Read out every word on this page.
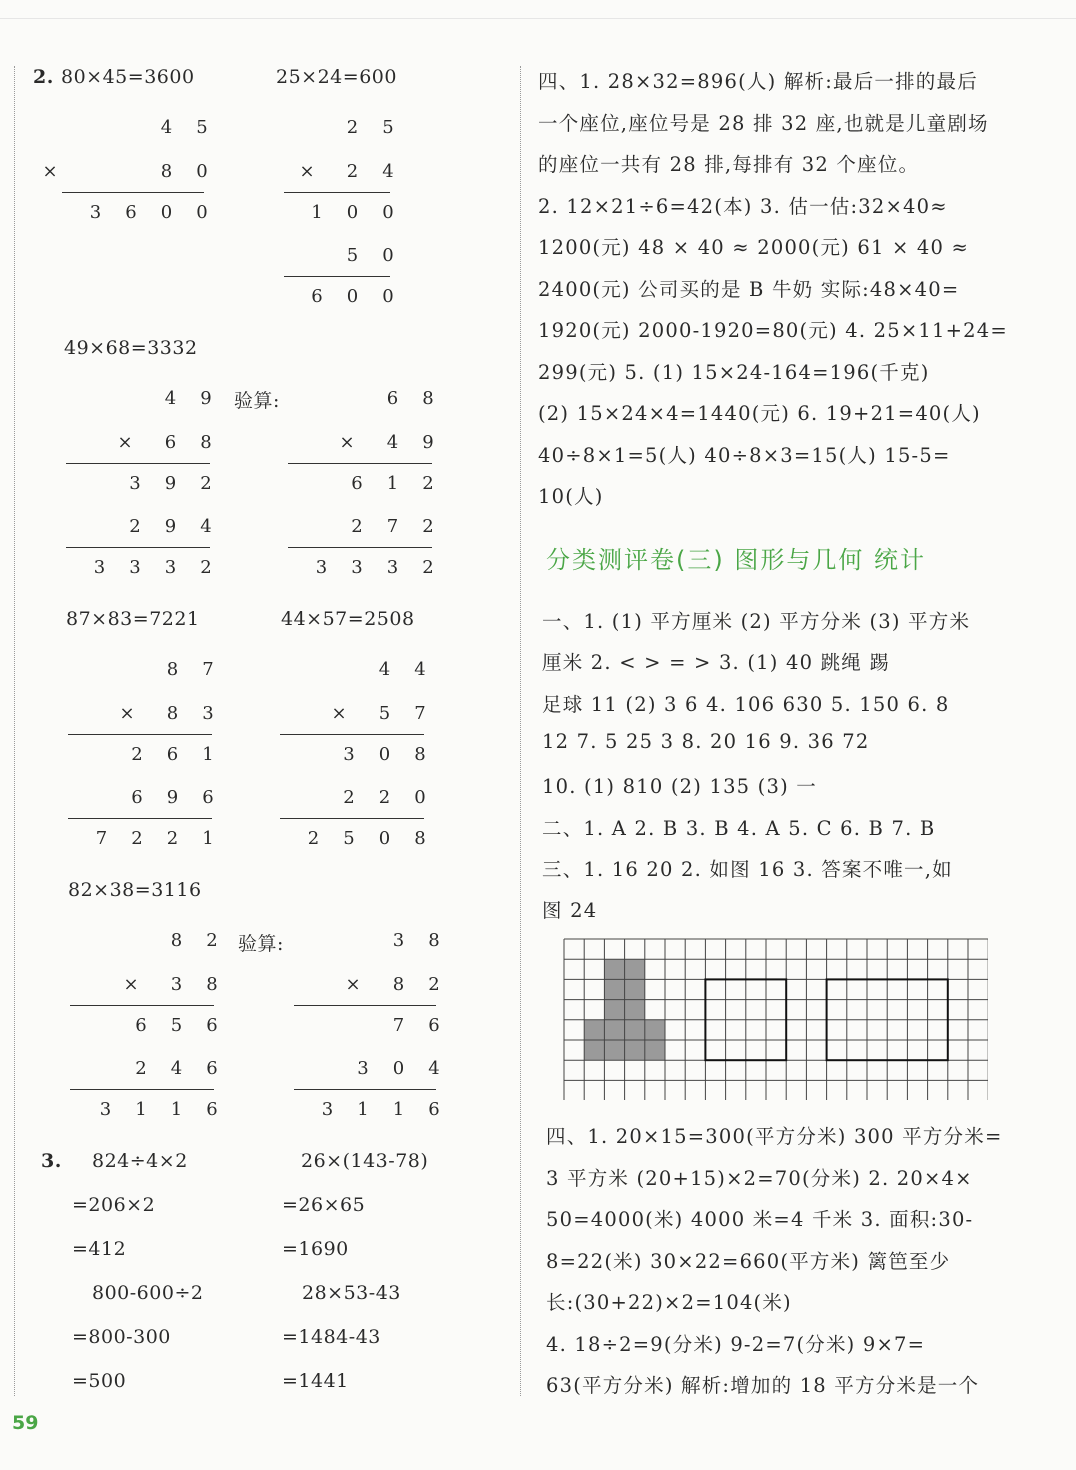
2. 80×45=3600	25×24=600
49×68=3332
验算:
87×83=7221	44×57=2508
82×38=3116
验算:
4 5
×	8 0
3 6 0 0
2 5
× 2 4
1 0 0
5 0
6 0 0
4 9
× 6 8
3 9 2
2 9 4
3 3 3 2
6 8
× 4 9
6 1 2
2 7 2
3 3 3 2
8 7
× 8 3
2 6 1
6 9 6
7 2 2 1
4 4
× 5 7
3 0 8
2 2 0
2 5 0 8
8 2
× 3 8
6 5 6
2 4 6
3 1 1 6
3 8
× 8 2
7 6
3 0 4
3 1 1 6
3. 824÷4×2
=206×2
=412
800-600÷2
=800-300
=500
26×(143-78)
=26×65
=1690
28×53-43
=1484-43
=1441
四、1. 28×32=896(人) 解析:最后一排的最后
一个座位,座位号是 28 排 32 座,也就是儿童剧场
的座位一共有 28 排,每排有 32 个座位。
2. 12×21÷6=42(本) 3. 估一估:32×40≈
1200(元) 48 × 40 ≈ 2000(元) 61 × 40 ≈
2400(元) 公司买的是 B 牛奶 实际:48×40=
1920(元) 2000-1920=80(元) 4. 25×11+24=
299(元) 5. (1) 15×24-164=196(千克)
(2) 15×24×4=1440(元) 6. 19+21=40(人)
40÷8×1=5(人) 40÷8×3=15(人) 15-5=
10(人)
分类测评卷(三) 图形与几何 统计
一、1. (1) 平方厘米 (2) 平方分米 (3) 平方米
厘米 2. < > = > 3. (1) 40 跳绳 踢
足球 11 (2) 3 6 4. 106 630 5. 150 6. 8
12 7. 5 25 3 8. 20 16 9. 36 72
10. (1) 810 (2) 135 (3) 一
二、1. A 2. B 3. B 4. A 5. C 6. B 7. B
三、1. 16 20 2. 如图 16 3. 答案不唯一,如
图 24
四、1. 20×15=300(平方分米) 300 平方分米=
3 平方米 (20+15)×2=70(分米) 2. 20×4×
50=4000(米) 4000 米=4 千米 3. 面积:30-
8=22(米) 30×22=660(平方米) 篱笆至少
长:(30+22)×2=104(米)
4. 18÷2=9(分米) 9-2=7(分米) 9×7=
63(平方分米) 解析:增加的 18 平方分米是一个
59
